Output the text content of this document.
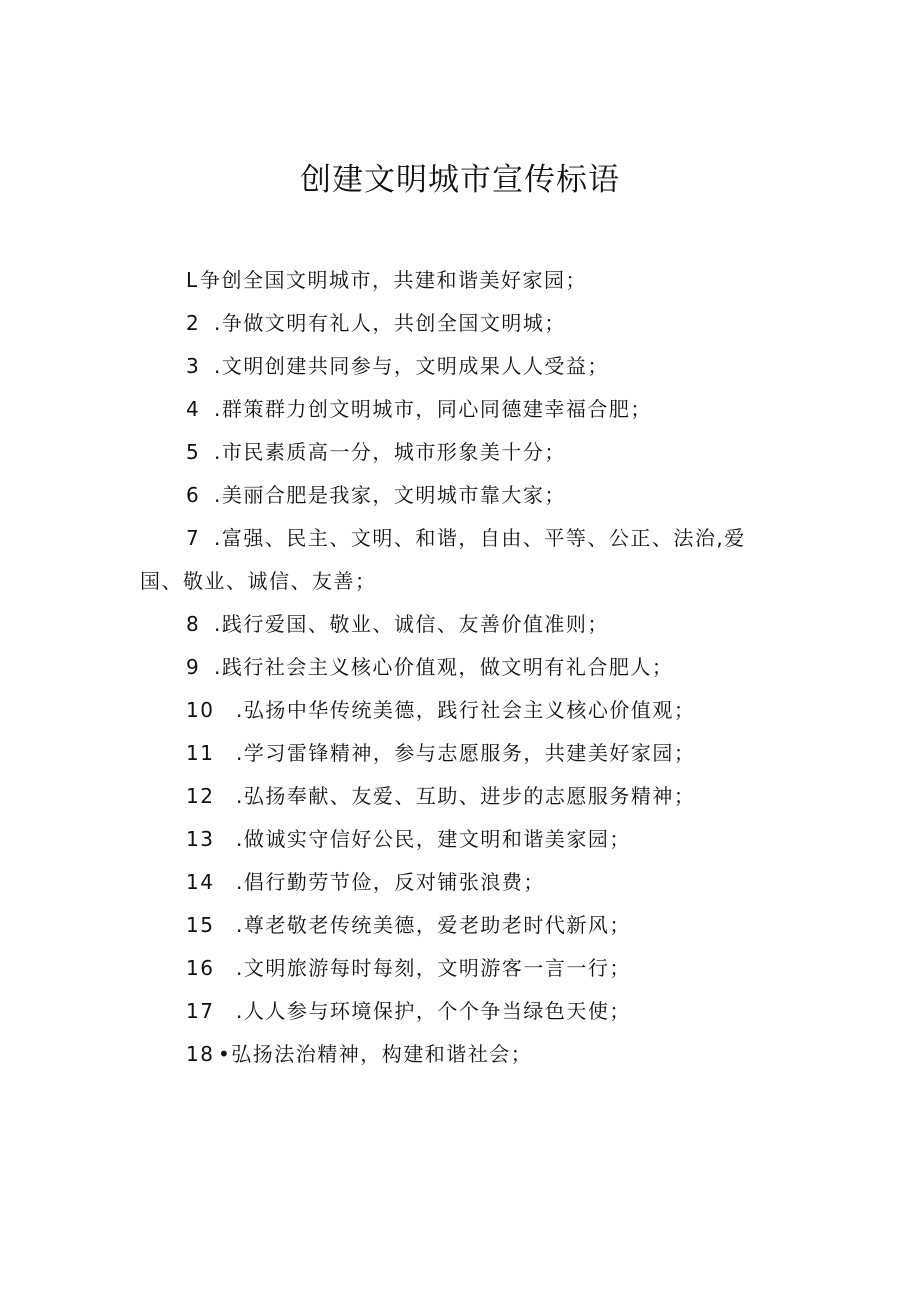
创建文明城市宣传标语
L 争创全国文明城市，共建和谐美好家园；
2 .争做文明有礼人，共创全国文明城；
3 .文明创建共同参与，文明成果人人受益；
4 .群策群力创文明城市，同心同德建幸福合肥；
5 .市民素质高一分，城市形象美十分；
6 .美丽合肥是我家，文明城市靠大家；
7 .富强、民主、文明、和谐，自由、平等、公正、法治,爱
国、敬业、诚信、友善；
8 .践行爱国、敬业、诚信、友善价值准则；
9 .践行社会主义核心价值观，做文明有礼合肥人；
10 .弘扬中华传统美德，践行社会主义核心价值观；
11 .学习雷锋精神，参与志愿服务，共建美好家园；
12 .弘扬奉献、友爱、互助、进步的志愿服务精神；
13 .做诚实守信好公民，建文明和谐美家园；
14 .倡行勤劳节俭，反对铺张浪费；
15 .尊老敬老传统美德，爱老助老时代新风；
16 .文明旅游每时每刻，文明游客一言一行；
17 .人人参与环境保护，个个争当绿色天使；
18 •弘扬法治精神，构建和谐社会；
